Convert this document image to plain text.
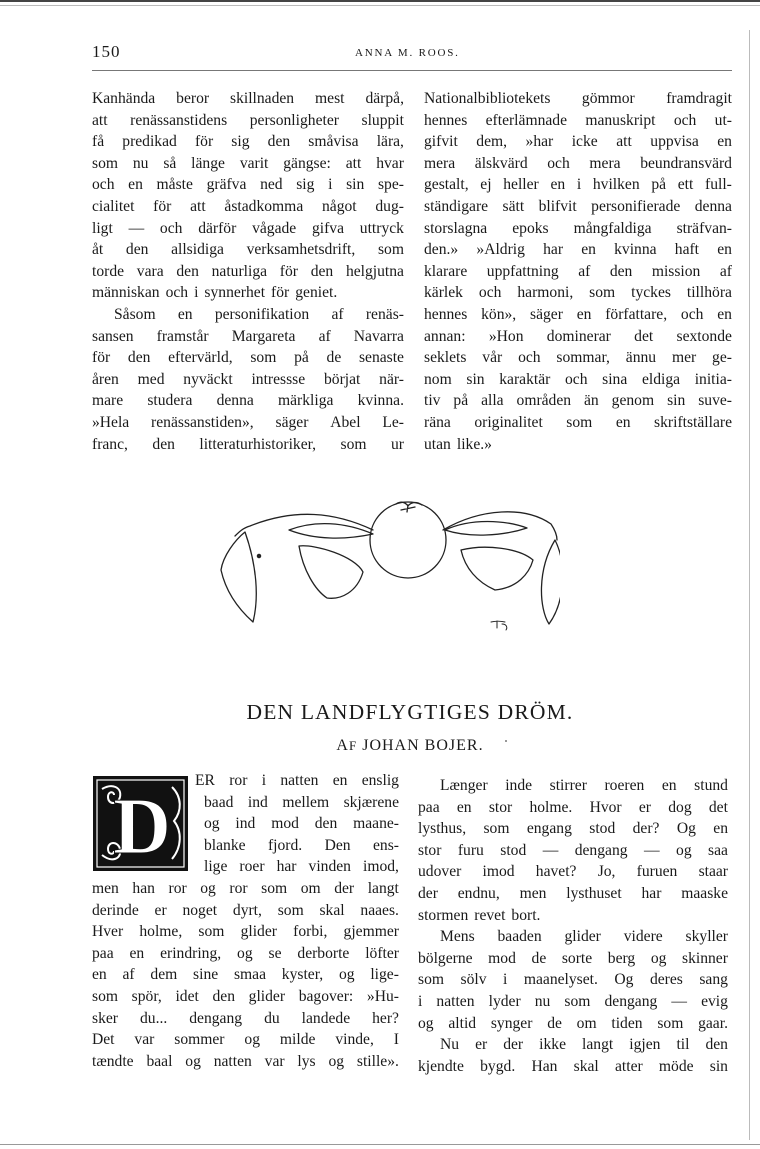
150	ANNA M. ROOS.
Kanhända beror skillnaden mest därpå,
att renässanstidens personligheter sluppit
få predikad för sig den småvisa lära,
som nu så länge varit gängse: att hvar
och en måste gräfva ned sig i sin spe-
cialitet för att åstadkomma något dug-
ligt — och därför vågade gifva uttryck
åt den allsidiga verksamhetsdrift, som
torde vara den naturliga för den helgjutna
människan och i synnerhet för geniet.
Såsom en personifikation af renäs-
sansen framstår Margareta af Navarra
för den eftervärld, som på de senaste
åren med nyväckt intressse börjat när-
mare studera denna märkliga kvinna.
»Hela renässanstiden», säger Abel Le-
franc, den litteraturhistoriker, som ur
Nationalbibliotekets gömmor framdragit
hennes efterlämnade manuskript och ut-
gifvit dem, »har icke att uppvisa en
mera älskvärd och mera beundransvärd
gestalt, ej heller en i hvilken på ett full-
ständigare sätt blifvit personifierade denna
storslagna epoks mångfaldiga sträfvan-
den.» »Aldrig har en kvinna haft en
klarare uppfattning af den mission af
kärlek och harmoni, som tyckes tillhöra
hennes kön», säger en författare, och en
annan: »Hon dominerar det sextonde
seklets vår och sommar, ännu mer ge-
nom sin karaktär och sina eldiga initia-
tiv på alla områden än genom sin suve-
räna originalitet som en skriftställare
utan like.»
DEN LANDFLYGTIGES DRÖM.
AF JOHAN BOJER.
D
ER ror i natten en enslig
baad ind mellem skjærene
og ind mod den maane-
blanke fjord. Den ens-
lige roer har vinden imod,
men han ror og ror som om der langt
derinde er noget dyrt, som skal naaes.
Hver holme, som glider forbi, gjemmer
paa en erindring, og se derborte löfter
en af dem sine smaa kyster, og lige-
som spör, idet den glider bagover: »Hu-
sker du... dengang du landede her?
Det var sommer og milde vinde, I
tændte baal og natten var lys og stille».
Længer inde stirrer roeren en stund
paa en stor holme. Hvor er dog det
lysthus, som engang stod der? Og en
stor furu stod — dengang — og saa
udover imod havet? Jo, furuen staar
der endnu, men lysthuset har maaske
stormen revet bort.
Mens baaden glider videre skyller
bölgerne mod de sorte berg og skinner
som sölv i maanelyset. Og deres sang
i natten lyder nu som dengang — evig
og altid synger de om tiden som gaar.
Nu er der ikke langt igjen til den
kjendte bygd. Han skal atter möde sin
